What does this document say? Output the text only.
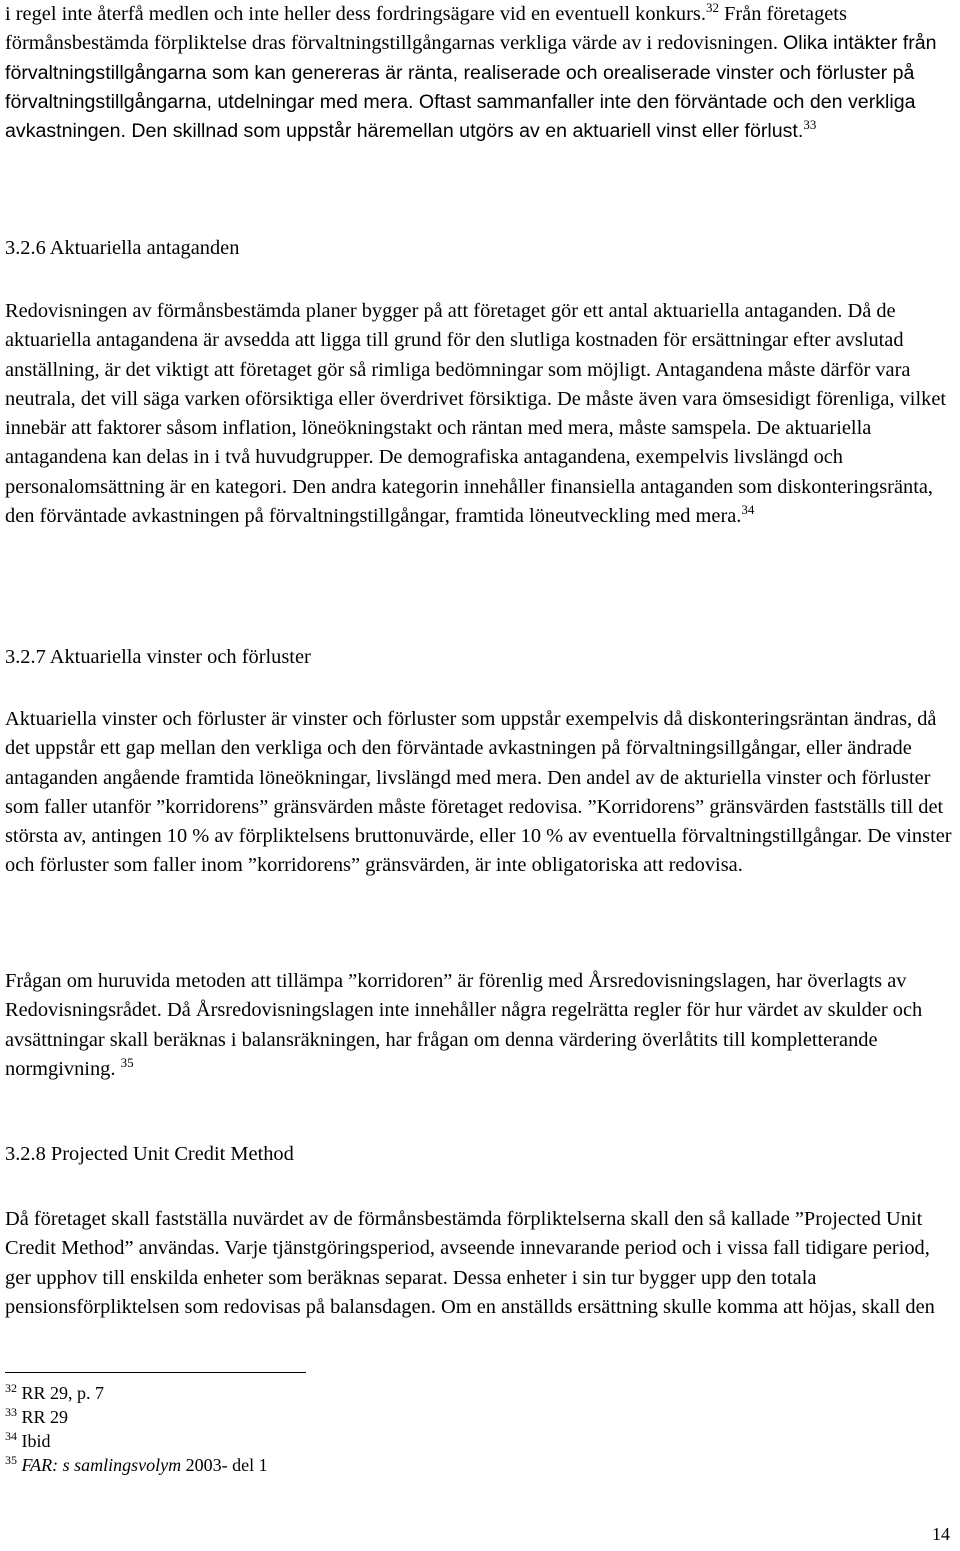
i regel inte återfå medlen och inte heller dess fordringsägare vid en eventuell konkurs.$^{32}$ Från företagets förmånsbestämda förpliktelse dras förvaltningstillgångarnas verkliga värde av i redovisningen. Olika intäkter från förvaltningstillgångarna som kan genereras är ränta, realiserade och orealiserade vinster och förluster på förvaltningstillgångarna, utdelningar med mera. Oftast sammanfaller inte den förväntade och den verkliga avkastningen. Den skillnad som uppstår häremellan utgörs av en aktuariell vinst eller förlust.$^{33}$

3.2.6 Aktuariella antaganden

Redovisningen av förmånsbestämda planer bygger på att företaget gör ett antal aktuariella antaganden. Då de aktuariella antagandena är avsedda att ligga till grund för den slutliga kostnaden för ersättningar efter avslutad anställning, är det viktigt att företaget gör så rimliga bedömningar som möjligt. Antagandena måste därför vara neutrala, det vill säga varken oförsiktiga eller överdrivet försiktiga. De måste även vara ömsesidigt förenliga, vilket innebär att faktorer såsom inflation, löneökningstakt och räntan med mera, måste samspela. De aktuariella antagandena kan delas in i två huvudgrupper. De demografiska antagandena, exempelvis livslängd och personalomsättning är en kategori. Den andra kategorin innehåller finansiella antaganden som diskonteringsränta, den förväntade avkastningen på förvaltningstillgångar, framtida löneutveckling med mera.$^{34}$

3.2.7 Aktuariella vinster och förluster

Aktuariella vinster och förluster är vinster och förluster som uppstår exempelvis då diskonteringsräntan ändras, då det uppstår ett gap mellan den verkliga och den förväntade avkastningen på förvaltningsillgångar, eller ändrade antaganden angående framtida löneökningar, livslängd med mera. Den andel av de akturiella vinster och förluster som faller utanför ”korridorens” gränsvärden måste företaget redovisa. ”Korridorens” gränsvärden fastställs till det största av, antingen 10 % av förpliktelsens bruttonuvärde, eller 10 % av eventuella förvaltningstillgångar. De vinster och förluster som faller inom ”korridorens” gränsvärden, är inte obligatoriska att redovisa.

Frågan om huruvida metoden att tillämpa ”korridoren” är förenlig med Årsredovisningslagen, har överlagts av Redovisningsrådet. Då Årsredovisningslagen inte innehåller några regelrätta regler för hur värdet av skulder och avsättningar skall beräknas i balansräkningen, har frågan om denna värdering överlåtits till kompletterande normgivning. $^{35}$

3.2.8 Projected Unit Credit Method

Då företaget skall fastställa nuvärdet av de förmånsbestämda förpliktelserna skall den så kallade ”Projected Unit Credit Method” användas. Varje tjänstgöringsperiod, avseende innevarande period och i vissa fall tidigare period, ger upphov till enskilda enheter som beräknas separat. Dessa enheter i sin tur bygger upp den totala pensionsförpliktelsen som redovisas på balansdagen. Om en anställds ersättning skulle komma att höjas, skall den

$^{32}$ RR 29, p. 7

$^{33}$ RR 29

$^{34}$ Ibid

$^{35}$ FAR: s samlingsvolym 2003- del 1

14
